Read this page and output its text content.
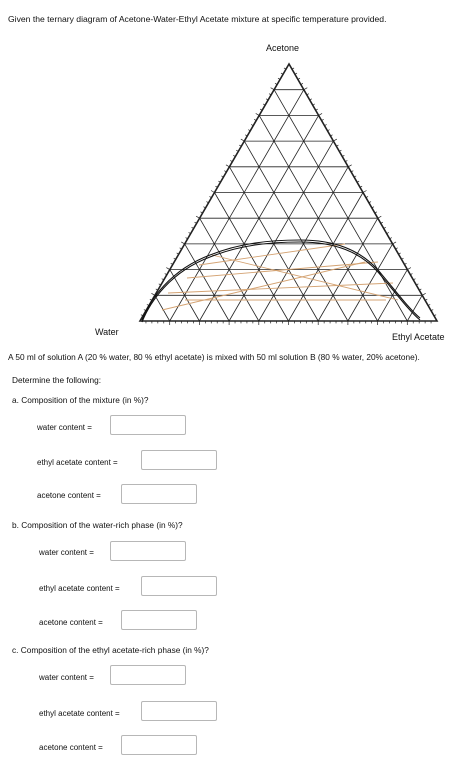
Given the ternary diagram of Acetone-Water-Ethyl Acetate mixture at specific temperature provided.
Acetone
Water	Ethyl Acetate
A 50 ml of solution A (20 % water, 80 % ethyl acetate) is mixed with 50 ml solution B (80 % water, 20% acetone).
Determine the following:
a. Composition of the mixture (in %)?
water content =
ethyl acetate content =
acetone content =
b. Composition of the water-rich phase (in %)?
water content =
ethyl acetate content =
acetone content =
c. Composition of the ethyl acetate-rich phase (in %)?
water content =
ethyl acetate content =
acetone content =
